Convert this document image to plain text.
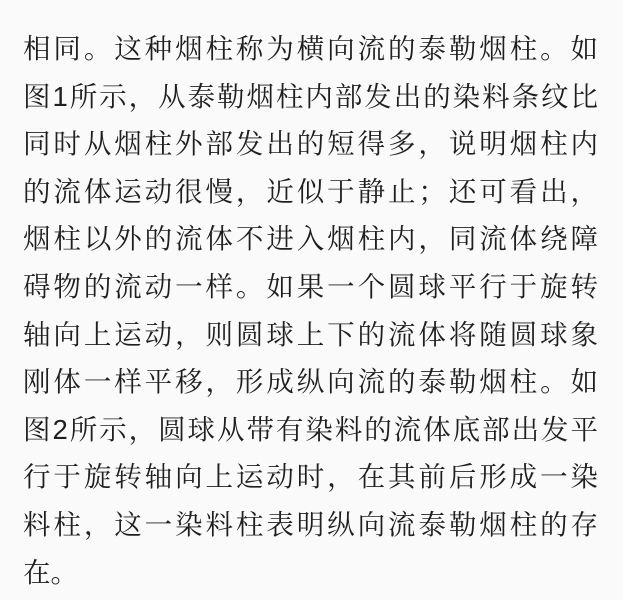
相同。这种烟柱称为横向流的泰勒烟柱。如
图1所示，从泰勒烟柱内部发出的染料条纹比
同时从烟柱外部发出的短得多，说明烟柱内
的流体运动很慢，近似于静止；还可看出，
烟柱以外的流体不进入烟柱内，同流体绕障
碍物的流动一样。如果一个圆球平行于旋转
轴向上运动，则圆球上下的流体将随圆球象
刚体一样平移，形成纵向流的泰勒烟柱。如
图2所示，圆球从带有染料的流体底部出发平
行于旋转轴向上运动时，在其前后形成一染
料柱，这一染料柱表明纵向流泰勒烟柱的存
在。
